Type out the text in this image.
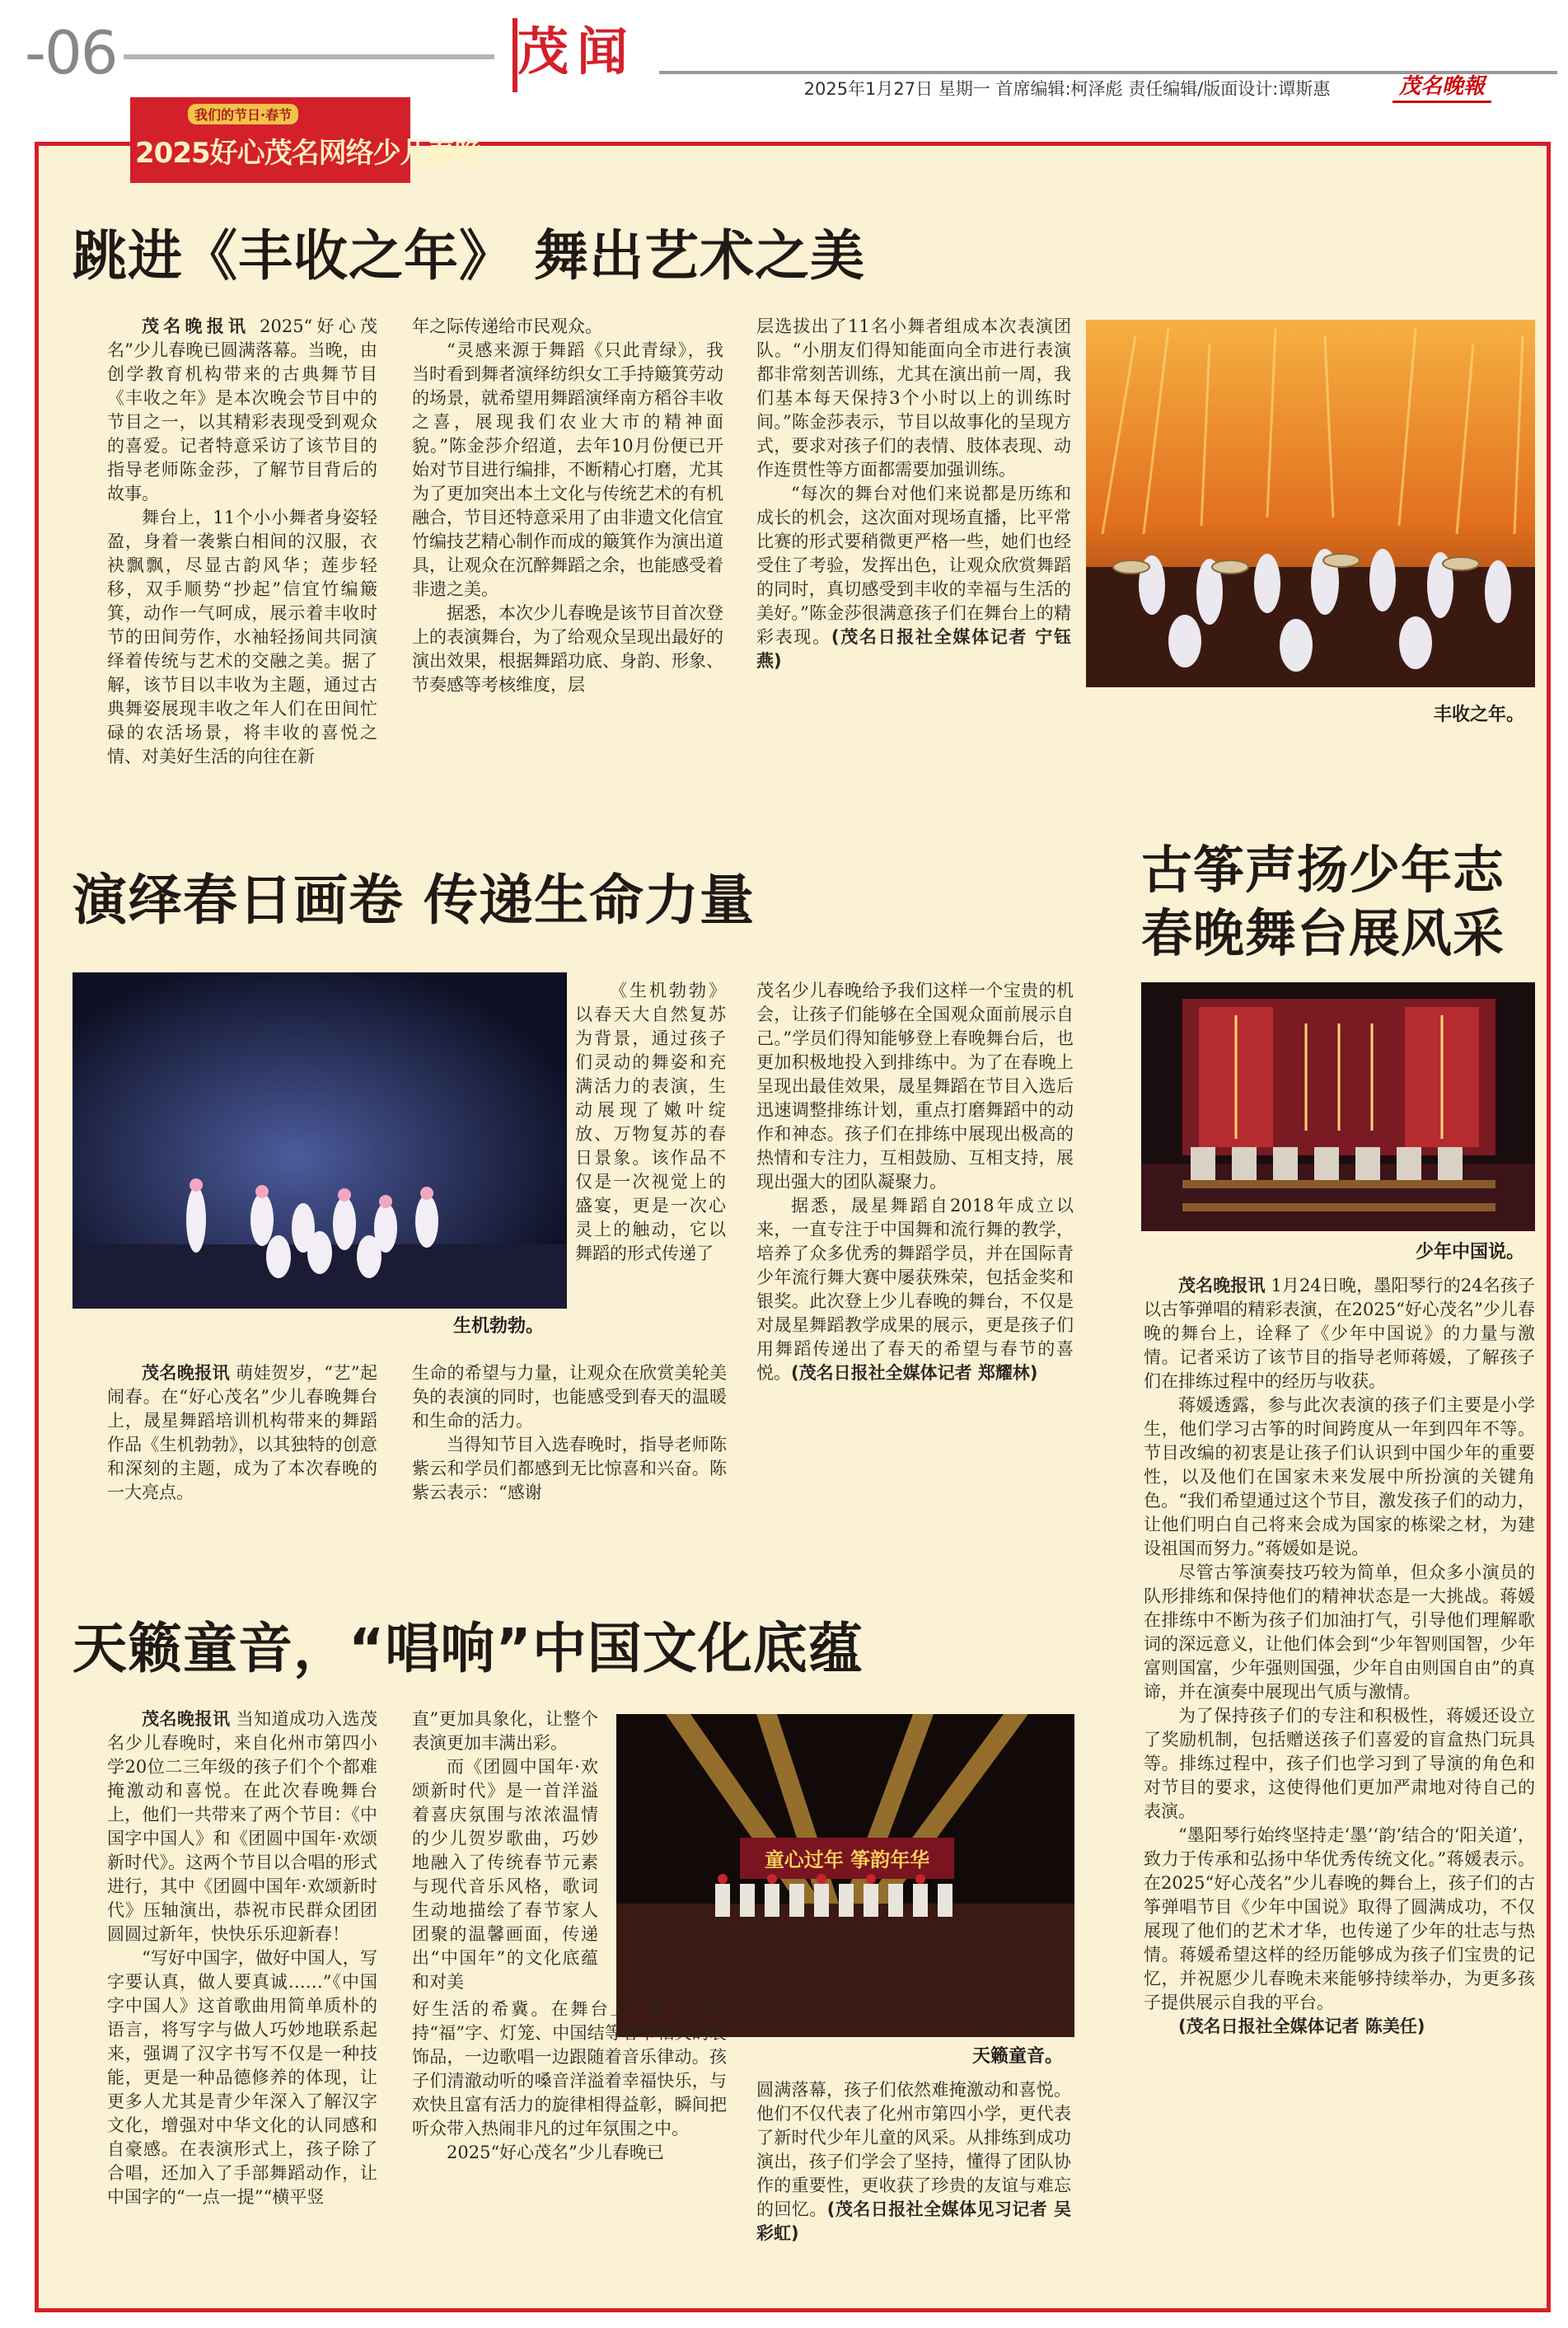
-06	茂闻
2025年1月27日 星期一 首席编辑:柯泽彪 责任编辑/版面设计:谭斯惠	茂名晚報
我们的节日·春节
2025好心茂名网络少儿春晚
跳进《丰收之年》 舞出艺术之美

茂名晚报讯 2025“好心茂名”少儿春晚已圆满落幕。当晚，由创学教育机构带来的古典舞节目《丰收之年》是本次晚会节目中的节目之一，以其精彩表现受到观众的喜爱。记者特意采访了该节目的指导老师陈金莎，了解节目背后的故事。

舞台上，11个小小舞者身姿轻盈，身着一袭紫白相间的汉服，衣袂飘飘，尽显古韵风华；莲步轻移，双手顺势“抄起”信宜竹编簸箕，动作一气呵成，展示着丰收时节的田间劳作，水袖轻扬间共同演绎着传统与艺术的交融之美。据了解，该节目以丰收为主题，通过古典舞姿展现丰收之年人们在田间忙碌的农活场景，将丰收的喜悦之情、对美好生活的向往在新

年之际传递给市民观众。

“灵感来源于舞蹈《只此青绿》，我当时看到舞者演绎纺织女工手持簸箕劳动的场景，就希望用舞蹈演绎南方稻谷丰收之喜，展现我们农业大市的精神面貌。”陈金莎介绍道，去年10月份便已开始对节目进行编排，不断精心打磨，尤其为了更加突出本土文化与传统艺术的有机融合，节目还特意采用了由非遗文化信宜竹编技艺精心制作而成的簸箕作为演出道具，让观众在沉醉舞蹈之余，也能感受着非遗之美。

据悉，本次少儿春晚是该节目首次登上的表演舞台，为了给观众呈现出最好的演出效果，根据舞蹈功底、身韵、形象、节奏感等考核维度，层

层选拔出了11名小舞者组成本次表演团队。“小朋友们得知能面向全市进行表演都非常刻苦训练，尤其在演出前一周，我们基本每天保持3个小时以上的训练时间。”陈金莎表示，节目以故事化的呈现方式，要求对孩子们的表情、肢体表现、动作连贯性等方面都需要加强训练。

“每次的舞台对他们来说都是历练和成长的机会，这次面对现场直播，比平常比赛的形式要稍微更严格一些，她们也经受住了考验，发挥出色，让观众欣赏舞蹈的同时，真切感受到丰收的幸福与生活的美好。”陈金莎很满意孩子们在舞台上的精彩表现。(茂名日报社全媒体记者 宁钰燕)

丰收之年。
演绎春日画卷 传递生命力量
生机勃勃。

《生机勃勃》以春天大自然复苏为背景，通过孩子们灵动的舞姿和充满活力的表演，生动展现了嫩叶绽放、万物复苏的春日景象。该作品不仅是一次视觉上的盛宴，更是一次心灵上的触动，它以舞蹈的形式传递了

茂名晚报讯 萌娃贺岁，“艺”起闹春。在“好心茂名”少儿春晚舞台上，晟星舞蹈培训机构带来的舞蹈作品《生机勃勃》，以其独特的创意和深刻的主题，成为了本次春晚的一大亮点。

生命的希望与力量，让观众在欣赏美轮美奂的表演的同时，也能感受到春天的温暖和生命的活力。

当得知节目入选春晚时，指导老师陈紫云和学员们都感到无比惊喜和兴奋。陈紫云表示：“感谢

茂名少儿春晚给予我们这样一个宝贵的机会，让孩子们能够在全国观众面前展示自己。”学员们得知能够登上春晚舞台后，也更加积极地投入到排练中。为了在春晚上呈现出最佳效果，晟星舞蹈在节目入选后迅速调整排练计划，重点打磨舞蹈中的动作和神态。孩子们在排练中展现出极高的热情和专注力，互相鼓励、互相支持，展现出强大的团队凝聚力。

据悉，晟星舞蹈自2018年成立以来，一直专注于中国舞和流行舞的教学，培养了众多优秀的舞蹈学员，并在国际青少年流行舞大赛中屡获殊荣，包括金奖和银奖。此次登上少儿春晚的舞台，不仅是对晟星舞蹈教学成果的展示，更是孩子们用舞蹈传递出了春天的希望与春节的喜悦。(茂名日报社全媒体记者 郑耀林)

古筝声扬少年志
春晚舞台展风采
少年中国说。

茂名晚报讯 1月24日晚，墨阳琴行的24名孩子以古筝弹唱的精彩表演，在2025“好心茂名”少儿春晚的舞台上，诠释了《少年中国说》的力量与激情。记者采访了该节目的指导老师蒋媛，了解孩子们在排练过程中的经历与收获。

蒋媛透露，参与此次表演的孩子们主要是小学生，他们学习古筝的时间跨度从一年到四年不等。节目改编的初衷是让孩子们认识到中国少年的重要性，以及他们在国家未来发展中所扮演的关键角色。“我们希望通过这个节目，激发孩子们的动力，让他们明白自己将来会成为国家的栋梁之材，为建设祖国而努力。”蒋媛如是说。

尽管古筝演奏技巧较为简单，但众多小演员的队形排练和保持他们的精神状态是一大挑战。蒋媛在排练中不断为孩子们加油打气，引导他们理解歌词的深远意义，让他们体会到“少年智则国智，少年富则国富，少年强则国强，少年自由则国自由”的真谛，并在演奏中展现出气质与激情。

为了保持孩子们的专注和积极性，蒋媛还设立了奖励机制，包括赠送孩子们喜爱的盲盒热门玩具等。排练过程中，孩子们也学习到了导演的角色和对节目的要求，这使得他们更加严肃地对待自己的表演。

“墨阳琴行始终坚持走‘墨’‘韵’结合的‘阳关道’，致力于传承和弘扬中华优秀传统文化。”蒋媛表示。在2025“好心茂名”少儿春晚的舞台上，孩子们的古筝弹唱节目《少年中国说》取得了圆满成功，不仅展现了他们的艺术才华，也传递了少年的壮志与热情。蒋媛希望这样的经历能够成为孩子们宝贵的记忆，并祝愿少儿春晚未来能够持续举办，为更多孩子提供展示自我的平台。

(茂名日报社全媒体记者 陈美任)

天籁童音，“唱响”中国文化底蕴

茂名晚报讯 当知道成功入选茂名少儿春晚时，来自化州市第四小学20位二三年级的孩子们个个都难掩激动和喜悦。在此次春晚舞台上，他们一共带来了两个节目：《中国字中国人》和《团圆中国年·欢颂新时代》。这两个节目以合唱的形式进行，其中《团圆中国年·欢颂新时代》压轴演出，恭祝市民群众团团圆圆过新年，快快乐乐迎新春！

“写好中国字，做好中国人，写字要认真，做人要真诚……”《中国字中国人》这首歌曲用简单质朴的语言，将写字与做人巧妙地联系起来，强调了汉字书写不仅是一种技能，更是一种品德修养的体现，让更多人尤其是青少年深入了解汉字文化，增强对中华文化的认同感和自豪感。在表演形式上，孩子除了合唱，还加入了手部舞蹈动作，让中国字的“一点一提”“横平竖

直”更加具象化，让整个表演更加丰满出彩。

而《团圆中国年·欢颂新时代》是一首洋溢着喜庆氛围与浓浓温情的少儿贺岁歌曲，巧妙地融入了传统春节元素与现代音乐风格，歌词生动地描绘了春节家人团聚的温馨画面，传递出“中国年”的文化底蕴和对美

童心过年 筝韵年华
天籁童音。

好生活的希冀。在舞台上，孩子们手持“福”字、灯笼、中国结等春节相关的装饰品，一边歌唱一边跟随着音乐律动。孩子们清澈动听的嗓音洋溢着幸福快乐，与欢快且富有活力的旋律相得益彰，瞬间把听众带入热闹非凡的过年氛围之中。

2025“好心茂名”少儿春晚已

圆满落幕，孩子们依然难掩激动和喜悦。他们不仅代表了化州市第四小学，更代表了新时代少年儿童的风采。从排练到成功演出，孩子们学会了坚持，懂得了团队协作的重要性，更收获了珍贵的友谊与难忘的回忆。(茂名日报社全媒体见习记者 吴彩虹)
